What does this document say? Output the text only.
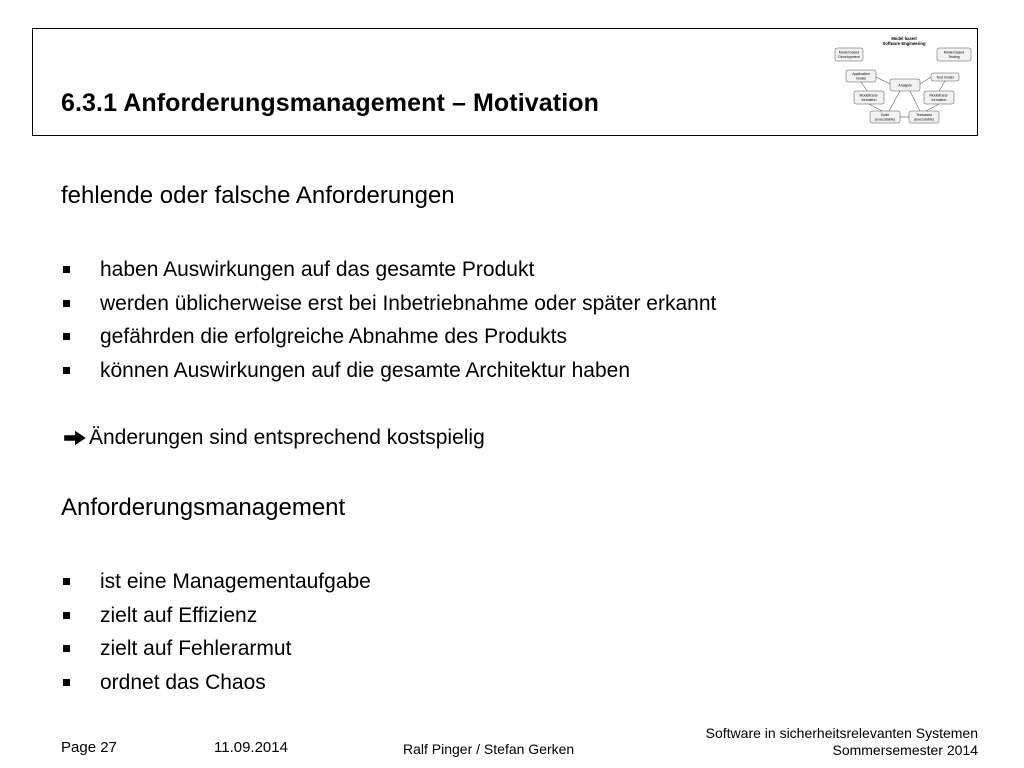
6.3.1 Anforderungsmanagement – Motivation
Model based
Software Engineering
Model based
Development
Model based
Testing
Application
model	Test model
Analysis
Modeltrans-
formation
Modeltrans-
formation
Code
(executable)
Testcases
(executable)
fehlende oder falsche Anforderungen
haben Auswirkungen auf das gesamte Produkt
werden üblicherweise erst bei Inbetriebnahme oder später erkannt
gefährden die erfolgreiche Abnahme des Produkts
können Auswirkungen auf die gesamte Architektur haben
Änderungen sind entsprechend kostspielig
Anforderungsmanagement
ist eine Managementaufgabe
zielt auf Effizienz
zielt auf Fehlerarmut
ordnet das Chaos
Page 27	11.09.2014	Ralf Pinger / Stefan Gerken
Software in sicherheitsrelevanten Systemen
Sommersemester 2014
